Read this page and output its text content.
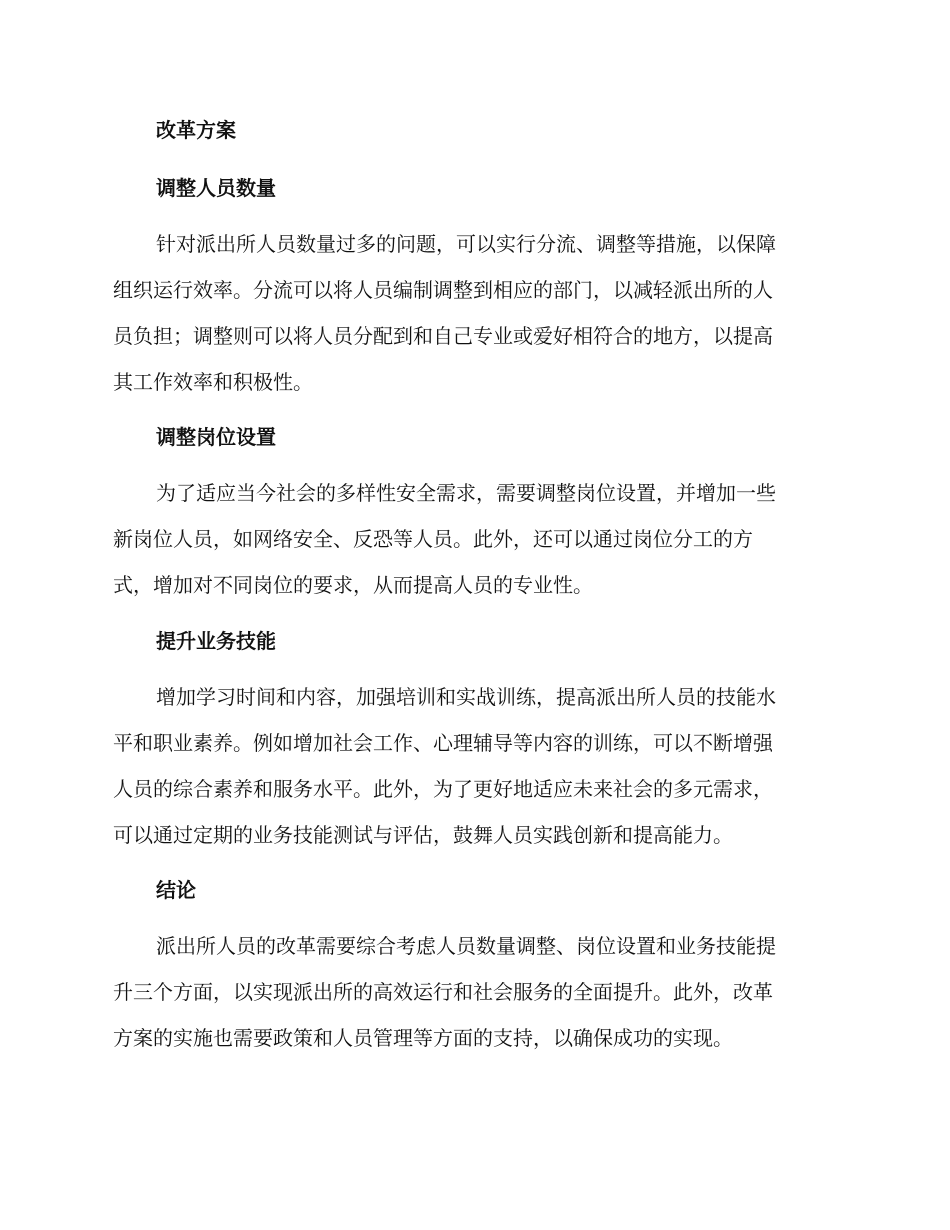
改革方案
调整人员数量
针对派出所人员数量过多的问题，可以实行分流、调整等措施，以保障
组织运行效率。分流可以将人员编制调整到相应的部门，以减轻派出所的人
员负担；调整则可以将人员分配到和自己专业或爱好相符合的地方，以提高
其工作效率和积极性。
调整岗位设置
为了适应当今社会的多样性安全需求，需要调整岗位设置，并增加一些
新岗位人员，如网络安全、反恐等人员。此外，还可以通过岗位分工的方
式，增加对不同岗位的要求，从而提高人员的专业性。
提升业务技能
增加学习时间和内容，加强培训和实战训练，提高派出所人员的技能水
平和职业素养。例如增加社会工作、心理辅导等内容的训练，可以不断增强
人员的综合素养和服务水平。此外，为了更好地适应未来社会的多元需求，
可以通过定期的业务技能测试与评估，鼓舞人员实践创新和提高能力。
结论
派出所人员的改革需要综合考虑人员数量调整、岗位设置和业务技能提
升三个方面，以实现派出所的高效运行和社会服务的全面提升。此外，改革
方案的实施也需要政策和人员管理等方面的支持，以确保成功的实现。
